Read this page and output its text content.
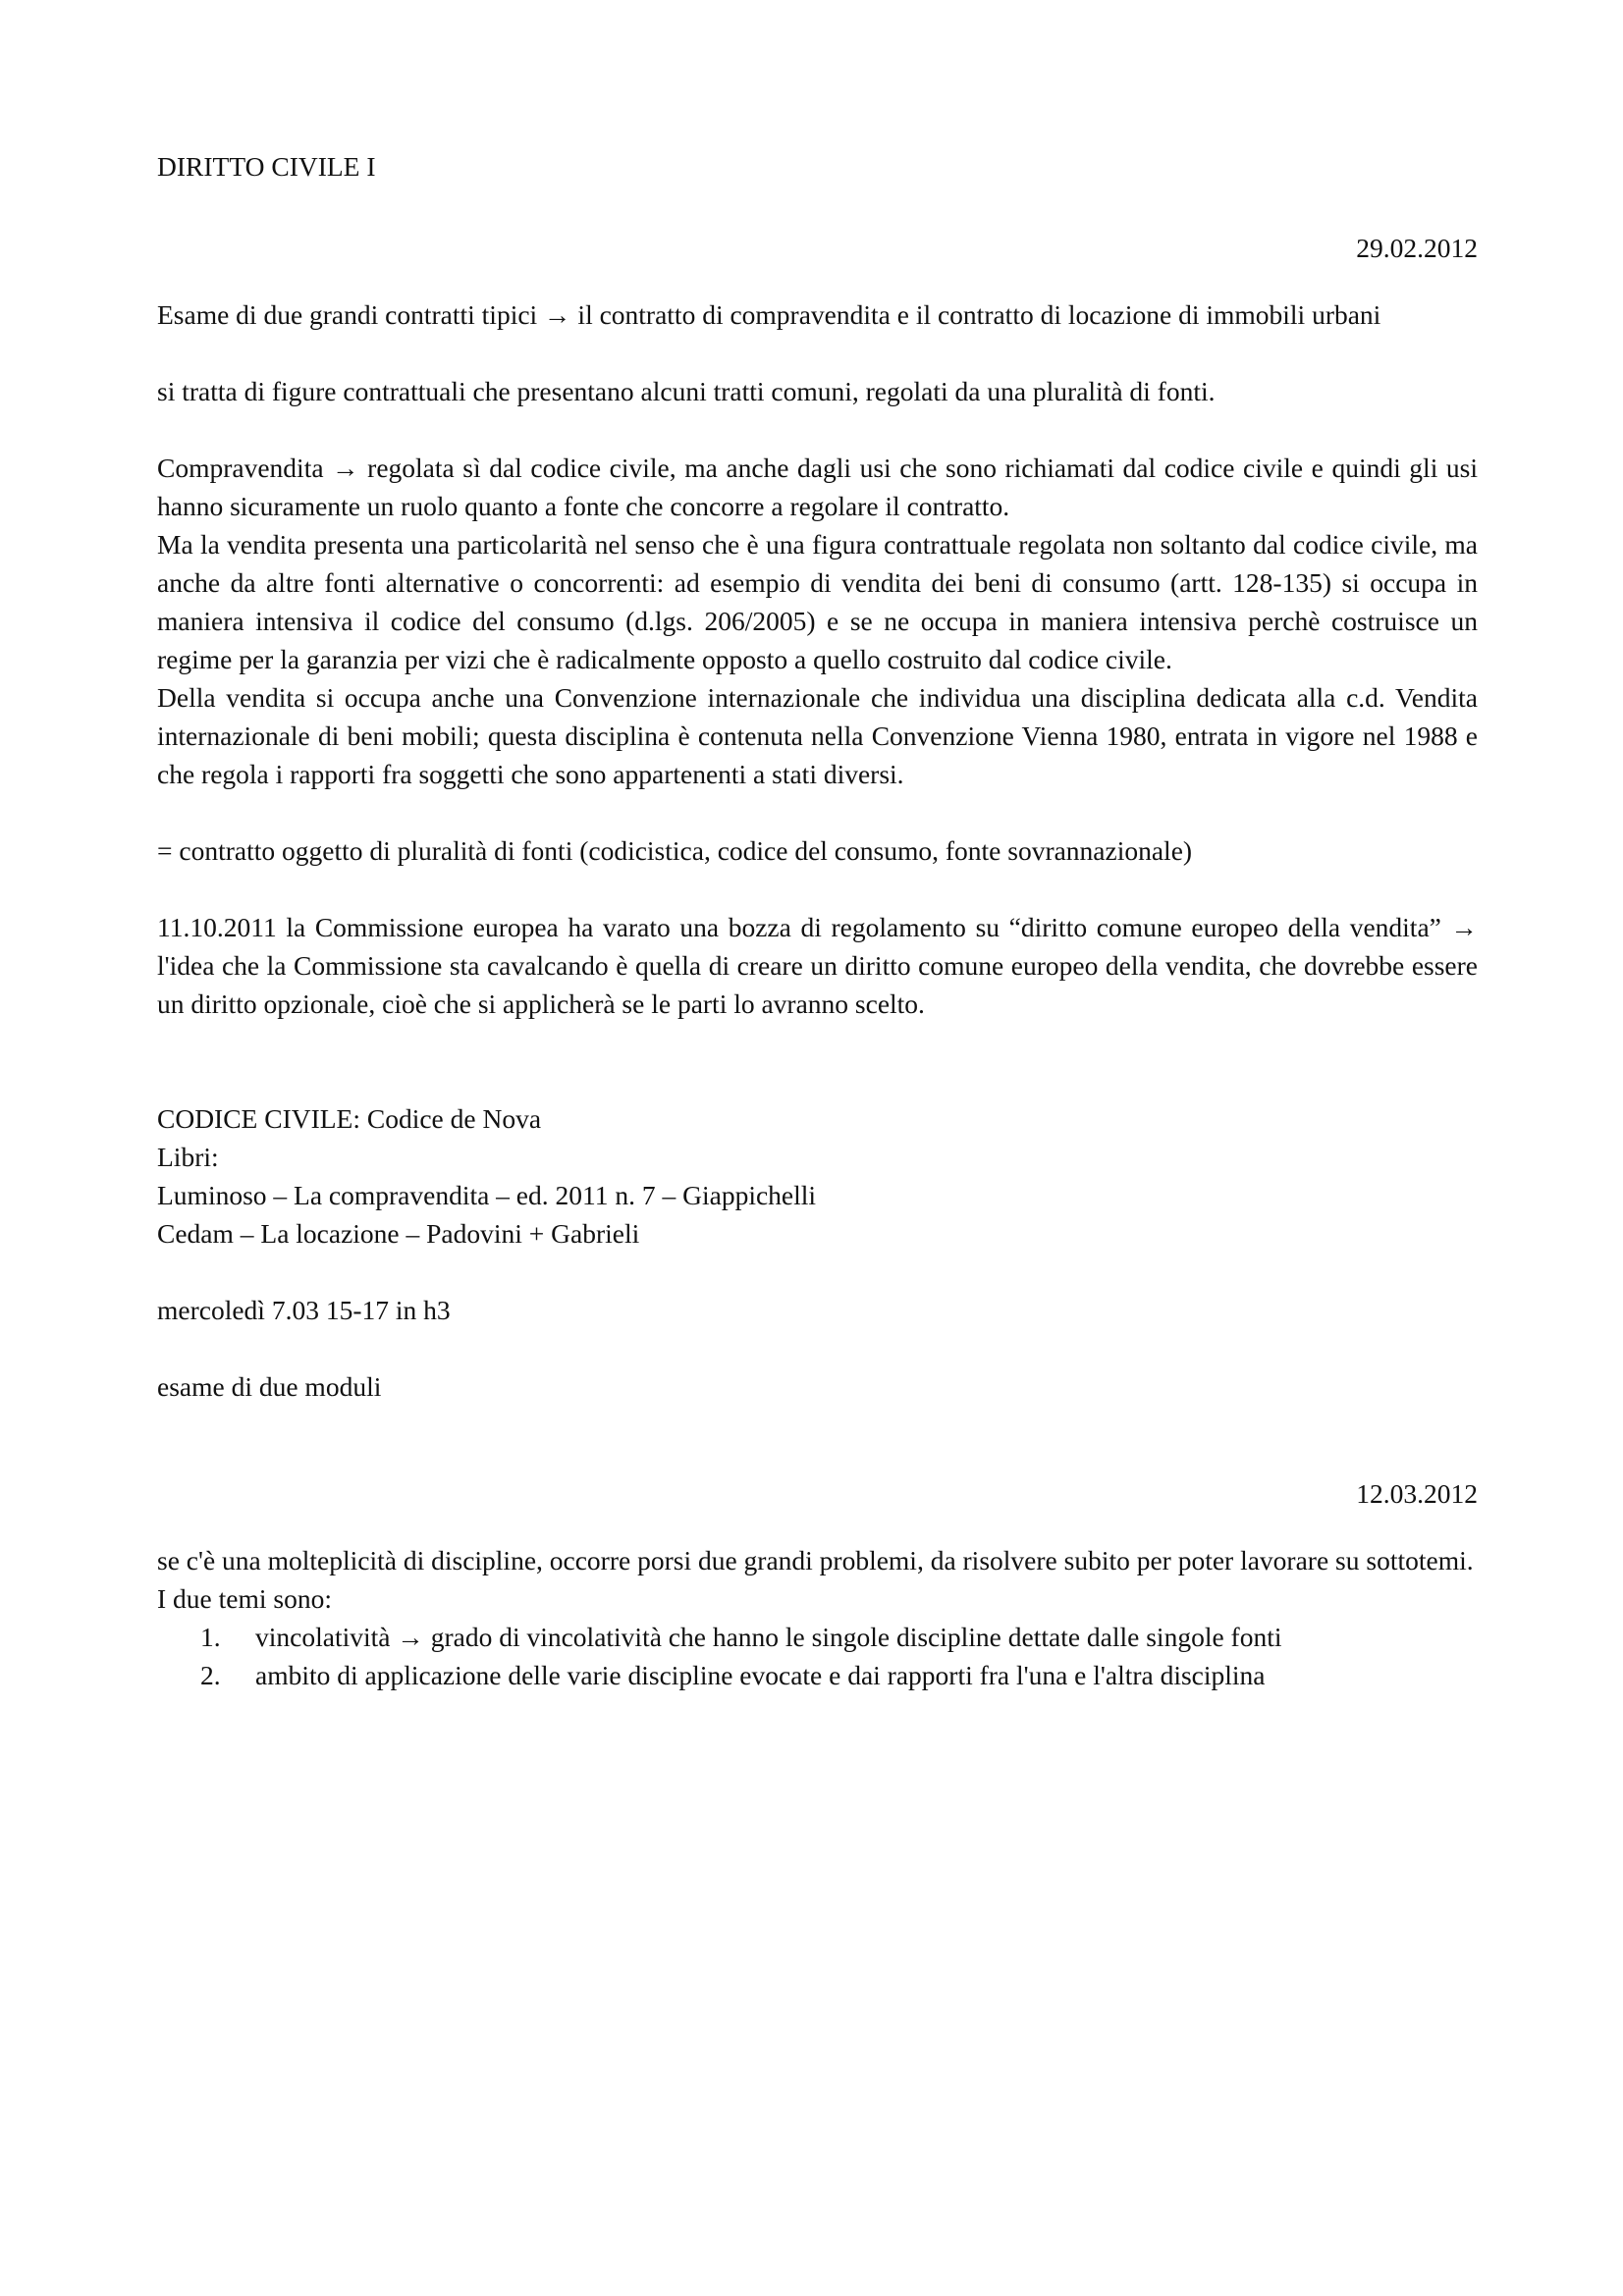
DIRITTO CIVILE I

29.02.2012

Esame di due grandi contratti tipici → il contratto di compravendita e il contratto di locazione di immobili urbani

si tratta di figure contrattuali che presentano alcuni tratti comuni, regolati da una pluralità di fonti.

Compravendita → regolata sì dal codice civile, ma anche dagli usi che sono richiamati dal codice civile e quindi gli usi hanno sicuramente un ruolo quanto a fonte che concorre a regolare il contratto.

Ma la vendita presenta una particolarità nel senso che è una figura contrattuale regolata non soltanto dal codice civile, ma anche da altre fonti alternative o concorrenti: ad esempio di vendita dei beni di consumo (artt. 128-135) si occupa in maniera intensiva il codice del consumo (d.lgs. 206/2005) e se ne occupa in maniera intensiva perchè costruisce un regime per la garanzia per vizi che è radicalmente opposto a quello costruito dal codice civile.

Della vendita si occupa anche una Convenzione internazionale che individua una disciplina dedicata alla c.d. Vendita internazionale di beni mobili; questa disciplina è contenuta nella Convenzione Vienna 1980, entrata in vigore nel 1988 e che regola i rapporti fra soggetti che sono appartenenti a stati diversi.

= contratto oggetto di pluralità di fonti (codicistica, codice del consumo, fonte sovrannazionale)

11.10.2011 la Commissione europea ha varato una bozza di regolamento su “diritto comune europeo della vendita” → l'idea che la Commissione sta cavalcando è quella di creare un diritto comune europeo della vendita, che dovrebbe essere un diritto opzionale, cioè che si applicherà se le parti lo avranno scelto.

CODICE CIVILE: Codice de Nova

Libri:

Luminoso – La compravendita – ed. 2011 n. 7 – Giappichelli

Cedam – La locazione – Padovini + Gabrieli

mercoledì 7.03 15-17 in h3

esame di due moduli

12.03.2012

se c'è una molteplicità di discipline, occorre porsi due grandi problemi, da risolvere subito per poter lavorare su sottotemi.

I due temi sono:

1. vincolatività → grado di vincolatività che hanno le singole discipline dettate dalle singole fonti
2. ambito di applicazione delle varie discipline evocate e dai rapporti fra l'una e l'altra disciplina
